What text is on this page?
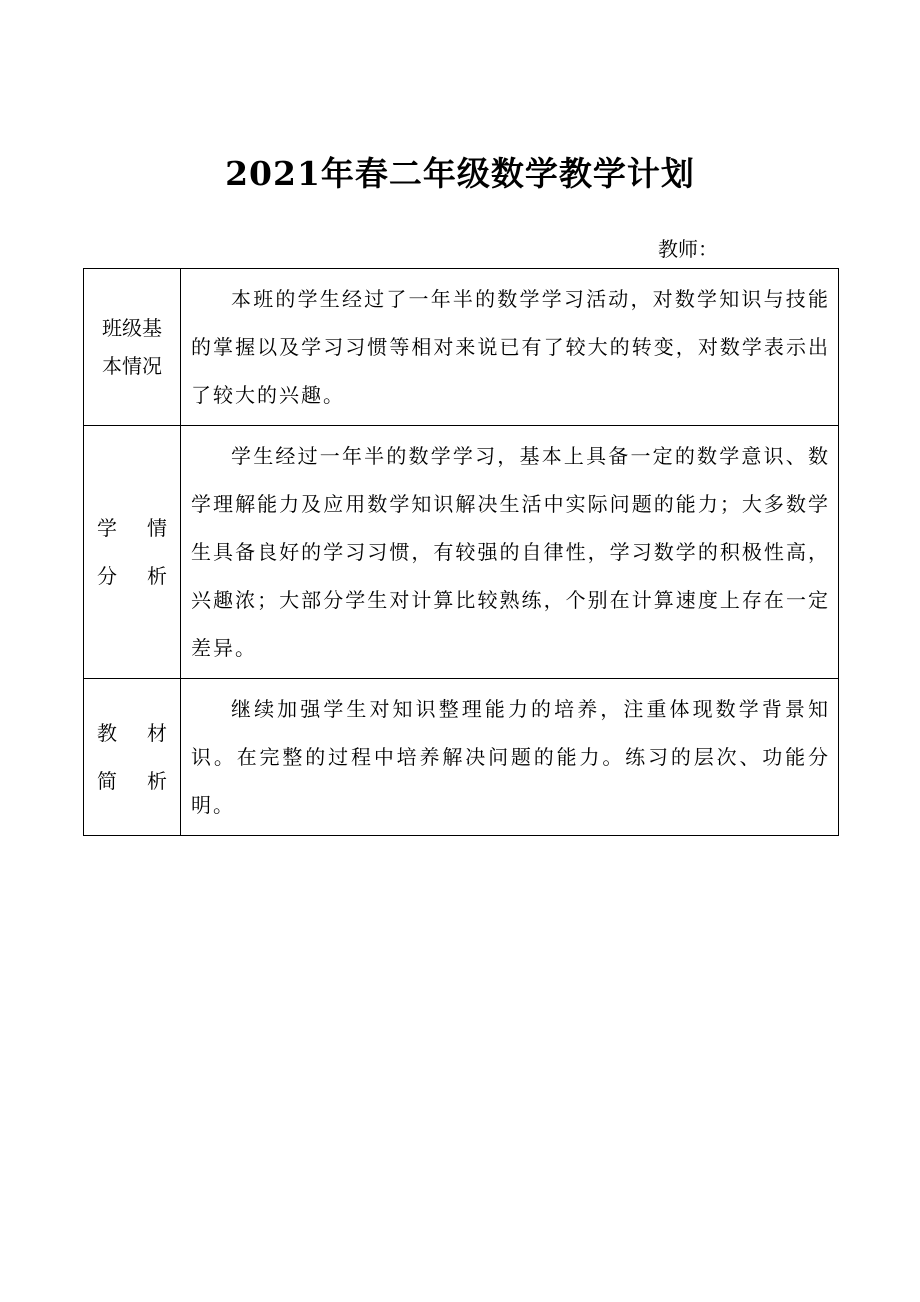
2021年春二年级数学教学计划
教师：
班级基
本情况	本班的学生经过了一年半的数学学习活动，对数学知识与技能的掌握以及学习习惯等相对来说已有了较大的转变，对数学表示出了较大的兴趣。

学 情
分 析	学生经过一年半的数学学习，基本上具备一定的数学意识、数学理解能力及应用数学知识解决生活中实际问题的能力；大多数学生具备良好的学习习惯，有较强的自律性，学习数学的积极性高，兴趣浓；大部分学生对计算比较熟练，个别在计算速度上存在一定差异。

教 材
简 析	继续加强学生对知识整理能力的培养，注重体现数学背景知识。在完整的过程中培养解决问题的能力。练习的层次、功能分明。
